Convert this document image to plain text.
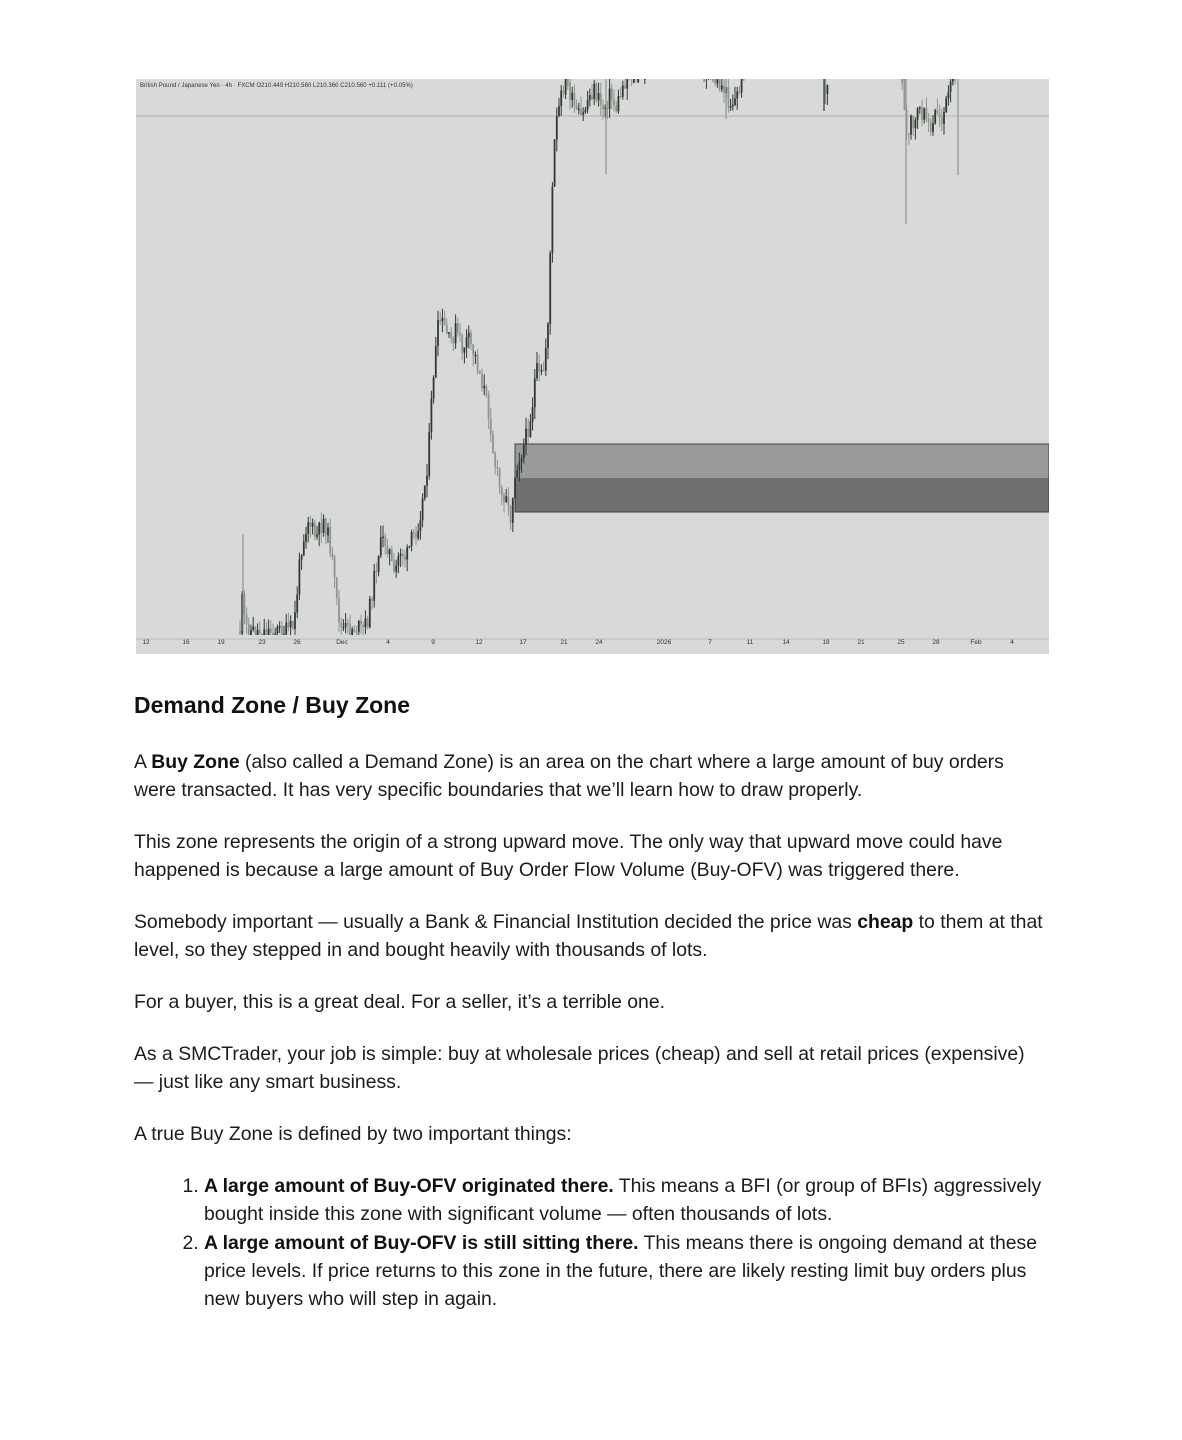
British Pound / Japanese Yen · 4h · FXCM O210.449 H210.560 L210.360 C210.560 +0.111 (+0.05%)
12	16	19	23	26	Dec	4	9	12	17	21	24	2026	7	11	14	18	21	25	28	Feb	4
Demand Zone / Buy Zone

A Buy Zone (also called a Demand Zone) is an area on the chart where a large amount of buy orders were transacted. It has very specific boundaries that we’ll learn how to draw properly.

This zone represents the origin of a strong upward move. The only way that upward move could have happened is because a large amount of Buy Order Flow Volume (Buy-OFV) was triggered there.

Somebody important — usually a Bank & Financial Institution decided the price was cheap to them at that level, so they stepped in and bought heavily with thousands of lots.

For a buyer, this is a great deal. For a seller, it’s a terrible one.

As a SMCTrader, your job is simple: buy at wholesale prices (cheap) and sell at retail prices (expensive) — just like any smart business.

A true Buy Zone is defined by two important things:

1. A large amount of Buy-OFV originated there. This means a BFI (or group of BFIs) aggressively bought inside this zone with significant volume — often thousands of lots.
2. A large amount of Buy-OFV is still sitting there. This means there is ongoing demand at these price levels. If price returns to this zone in the future, there are likely resting limit buy orders plus new buyers who will step in again.
